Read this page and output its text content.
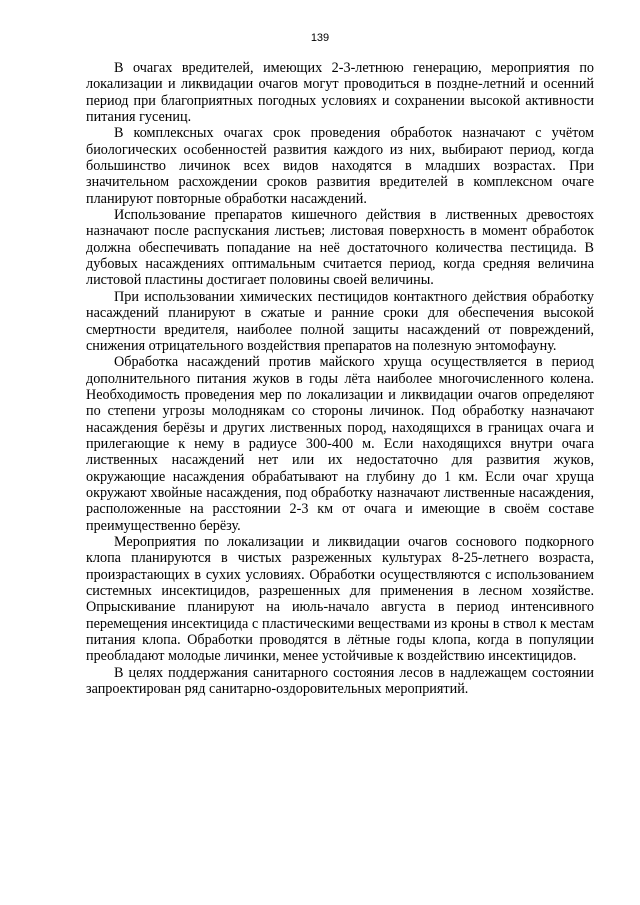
139

В очагах вредителей, имеющих 2-3-летнюю генерацию, мероприятия по локализации и ликвидации очагов могут проводиться в поздне-летний и осенний период при благоприятных погодных условиях и сохранении высокой активности питания гусениц.

В комплексных очагах срок проведения обработок назначают с учётом биологических особенностей развития каждого из них, выбирают период, когда большинство личинок всех видов находятся в младших возрастах. При значительном расхождении сроков развития вредителей в комплексном очаге планируют повторные обработки насаждений.

Использование препаратов кишечного действия в лиственных древостоях назначают после распускания листьев; листовая поверхность в момент обработок должна обеспечивать попадание на неё достаточного количества пестицида. В дубовых насаждениях оптимальным считается период, когда средняя величина листовой пластины достигает половины своей величины.

При использовании химических пестицидов контактного действия обработку насаждений планируют в сжатые и ранние сроки для обеспечения высокой смертности вредителя, наиболее полной защиты насаждений от повреждений, снижения отрицательного воздействия препаратов на полезную энтомофауну.

Обработка насаждений против майского хруща осуществляется в период дополнительного питания жуков в годы лёта наиболее многочисленного колена. Необходимость проведения мер по локализации и ликвидации очагов определяют по степени угрозы молоднякам со стороны личинок. Под обработку назначают насаждения берёзы и других лиственных пород, находящихся в границах очага и прилегающие к нему в радиусе 300-400 м. Если находящихся внутри очага лиственных насаждений нет или их недостаточно для развития жуков, окружающие насаждения обрабатывают на глубину до 1 км. Если очаг хруща окружают хвойные насаждения, под обработку назначают лиственные насаждения, расположенные на расстоянии 2-3 км от очага и имеющие в своём составе преимущественно берёзу.

Мероприятия по локализации и ликвидации очагов соснового подкорного клопа планируются в чистых разреженных культурах 8-25-летнего возраста, произрастающих в сухих условиях. Обработки осуществляются с использованием системных инсектицидов, разрешенных для применения в лесном хозяйстве. Опрыскивание планируют на июль-начало августа в период интенсивного перемещения инсектицида с пластическими веществами из кроны в ствол к местам питания клопа. Обработки проводятся в лётные годы клопа, когда в популяции преобладают молодые личинки, менее устойчивые к воздействию инсектицидов.

В целях поддержания санитарного состояния лесов в надлежащем состоянии запроектирован ряд санитарно-оздоровительных мероприятий.
